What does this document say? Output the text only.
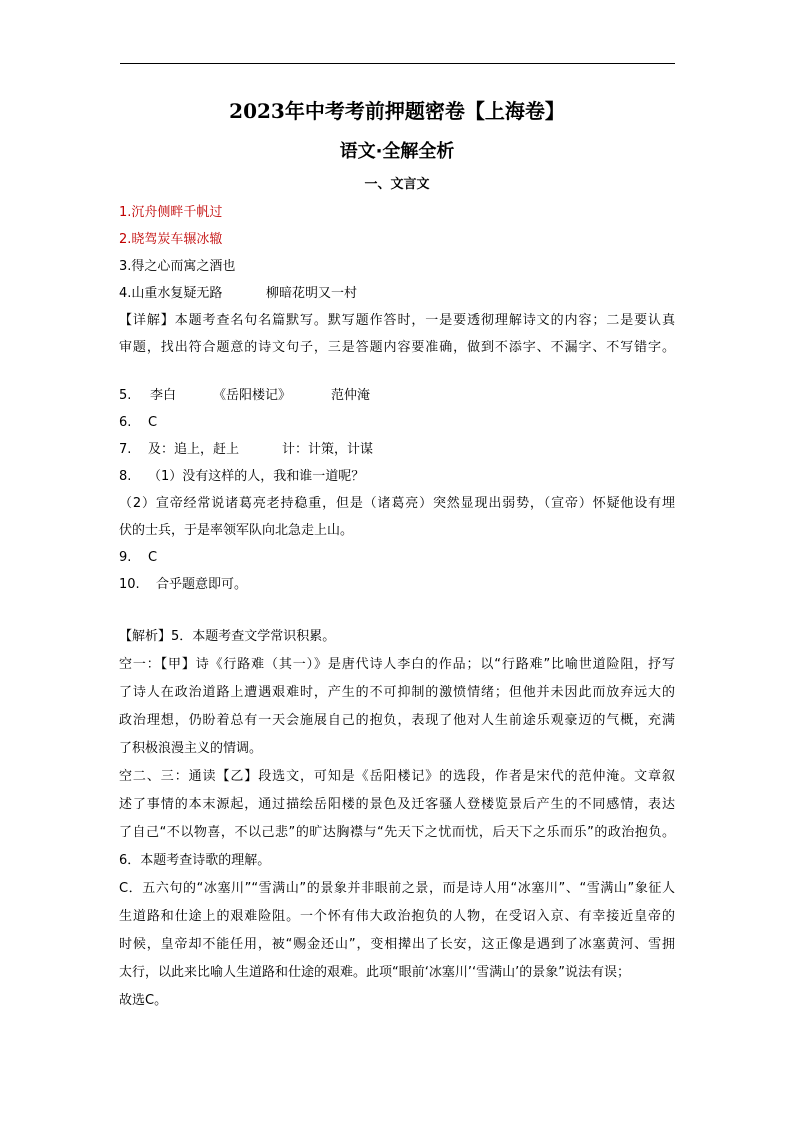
2023年中考考前押题密卷【上海卷】
语文·全解全析
一、文言文
1.沉舟侧畔千帆过
2.晓驾炭车辗冰辙
3.得之心而寓之酒也
4.山重水复疑无路	柳暗花明又一村
【详解】本题考查名句名篇默写。默写题作答时，一是要透彻理解诗文的内容；二是要认真
审题，找出符合题意的诗文句子，三是答题内容要准确，做到不添字、不漏字、不写错字。
5. 李白	《岳阳楼记》	范仲淹
6. C
7. 及：追上，赶上	计：计策，计谋
8. （1）没有这样的人，我和谁一道呢？
（2）宣帝经常说诸葛亮老持稳重，但是（诸葛亮）突然显现出弱势，（宣帝）怀疑他设有埋
伏的士兵，于是率领军队向北急走上山。
9. C
10. 合乎题意即可。
【解析】5．本题考查文学常识积累。
空一：【甲】诗《行路难（其一）》是唐代诗人李白的作品；以“行路难”比喻世道险阻，抒写
了诗人在政治道路上遭遇艰难时，产生的不可抑制的激愤情绪；但他并未因此而放弃远大的
政治理想，仍盼着总有一天会施展自己的抱负，表现了他对人生前途乐观豪迈的气概，充满
了积极浪漫主义的情调。
空二、三：通读【乙】段选文，可知是《岳阳楼记》的选段，作者是宋代的范仲淹。文章叙
述了事情的本末源起，通过描绘岳阳楼的景色及迁客骚人登楼览景后产生的不同感情，表达
了自己“不以物喜，不以己悲”的旷达胸襟与“先天下之忧而忧，后天下之乐而乐”的政治抱负。
6．本题考查诗歌的理解。
C．五六句的“冰塞川”“雪满山”的景象并非眼前之景，而是诗人用“冰塞川”、“雪满山”象征人
生道路和仕途上的艰难险阻。一个怀有伟大政治抱负的人物，在受诏入京、有幸接近皇帝的
时候，皇帝却不能任用，被“赐金还山”，变相撵出了长安，这正像是遇到了冰塞黄河、雪拥
太行，以此来比喻人生道路和仕途的艰难。此项“眼前‘冰塞川’‘雪满山’的景象”说法有误；
故选C。
